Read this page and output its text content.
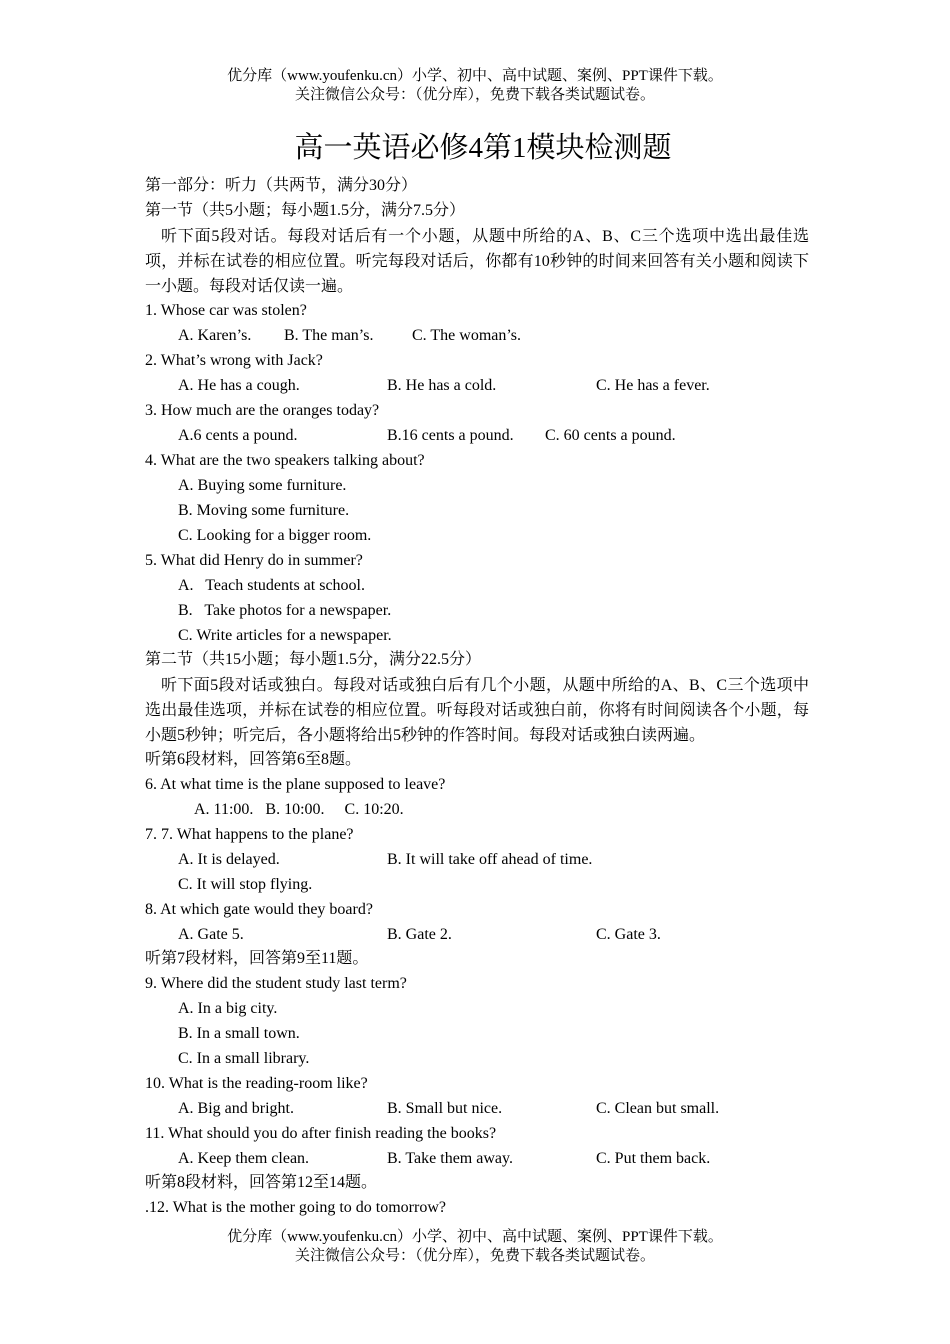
优分库（www.youfenku.cn）小学、初中、高中试题、案例、PPT课件下载。
关注微信公众号：（优分库），免费下载各类试题试卷。
高一英语必修4第1模块检测题
第一部分：听力（共两节，满分30分）
第一节（共5小题；每小题1.5分，满分7.5分）
听下面5段对话。每段对话后有一个小题，从题中所给的A、B、C三个选项中选出最佳选项，并标在试卷的相应位置。听完每段对话后，你都有10秒钟的时间来回答有关小题和阅读下一小题。每段对话仅读一遍。
1. Whose car was stolen?
A. Karen’s. B. The man’s. C. The woman’s.
2. What’s wrong with Jack?
A. He has a cough.	B. He has a cold.	C. He has a fever.
3. How much are the oranges today?
A.6 cents a pound.	B.16 cents a pound. C. 60 cents a pound.
4. What are the two speakers talking about?
A. Buying some furniture.
B. Moving some furniture.
C. Looking for a bigger room.
5. What did Henry do in summer?
A.   Teach students at school.
B.   Take photos for a newspaper.
C. Write articles for a newspaper.
第二节（共15小题；每小题1.5分，满分22.5分）
听下面5段对话或独白。每段对话或独白后有几个小题，从题中所给的A、B、C三个选项中选出最佳选项，并标在试卷的相应位置。听每段对话或独白前，你将有时间阅读各个小题，每小题5秒钟；听完后，各小题将给出5秒钟的作答时间。每段对话或独白读两遍。
听第6段材料，回答第6至8题。
6. At what time is the plane supposed to leave?
A. 11:00.   B. 10:00.     C. 10:20.
7. 7. What happens to the plane?
A. It is delayed.	B. It will take off ahead of time.
C. It will stop flying.
8. At which gate would they board?
A. Gate 5.	B. Gate 2.	C. Gate 3.
听第7段材料，回答第9至11题。
9. Where did the student study last term?
A. In a big city.
B. In a small town.
C. In a small library.
10. What is the reading-room like?
A. Big and bright.	B. Small but nice.	C. Clean but small.
11. What should you do after finish reading the books?
A. Keep them clean.	B. Take them away.	C. Put them back.
听第8段材料，回答第12至14题。
.12. What is the mother going to do tomorrow?
优分库（www.youfenku.cn）小学、初中、高中试题、案例、PPT课件下载。
关注微信公众号：（优分库），免费下载各类试题试卷。
